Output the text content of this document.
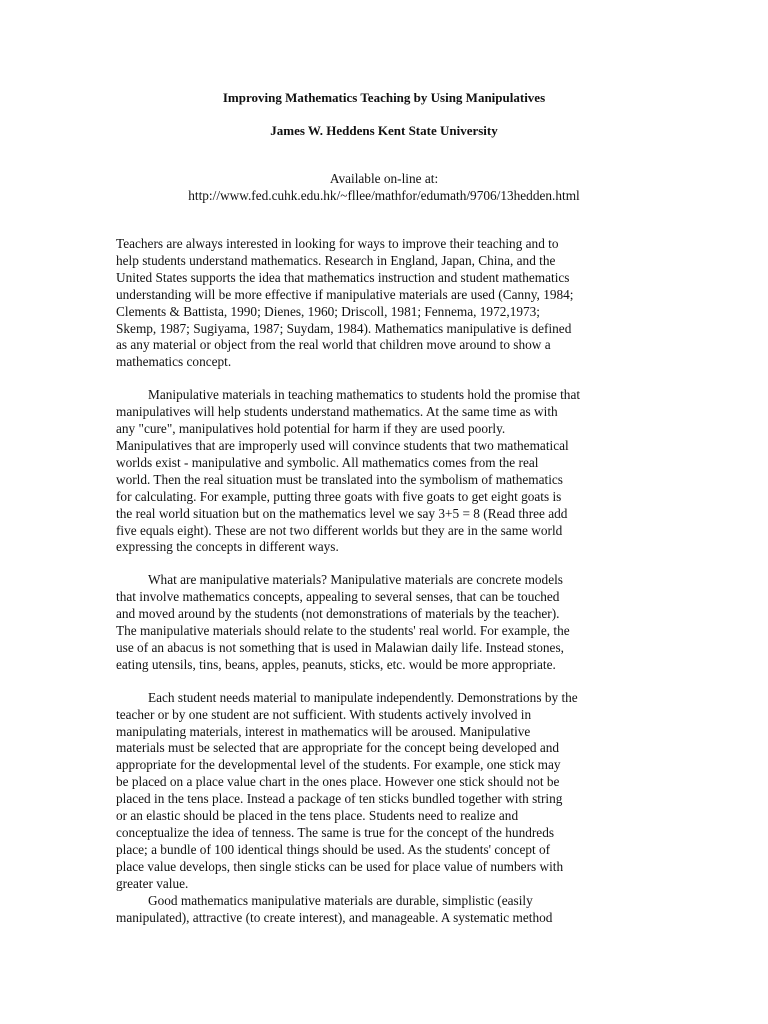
Improving Mathematics Teaching by Using Manipulatives

James W. Heddens Kent State University

Available on-line at:

http://www.fed.cuhk.edu.hk/~fllee/mathfor/edumath/9706/13hedden.html

Teachers are always interested in looking for ways to improve their teaching and to
help students understand mathematics. Research in England, Japan, China, and the
United States supports the idea that mathematics instruction and student mathematics
understanding will be more effective if manipulative materials are used (Canny, 1984;
Clements & Battista, 1990; Dienes, 1960; Driscoll, 1981; Fennema, 1972,1973;
Skemp, 1987; Sugiyama, 1987; Suydam, 1984). Mathematics manipulative is defined
as any material or object from the real world that children move around to show a
mathematics concept.

Manipulative materials in teaching mathematics to students hold the promise that
manipulatives will help students understand mathematics. At the same time as with
any "cure", manipulatives hold potential for harm if they are used poorly.
Manipulatives that are improperly used will convince students that two mathematical
worlds exist - manipulative and symbolic. All mathematics comes from the real
world. Then the real situation must be translated into the symbolism of mathematics
for calculating. For example, putting three goats with five goats to get eight goats is
the real world situation but on the mathematics level we say 3+5 = 8 (Read three add
five equals eight). These are not two different worlds but they are in the same world
expressing the concepts in different ways.

What are manipulative materials? Manipulative materials are concrete models
that involve mathematics concepts, appealing to several senses, that can be touched
and moved around by the students (not demonstrations of materials by the teacher).
The manipulative materials should relate to the students' real world. For example, the
use of an abacus is not something that is used in Malawian daily life. Instead stones,
eating utensils, tins, beans, apples, peanuts, sticks, etc. would be more appropriate.

Each student needs material to manipulate independently. Demonstrations by the
teacher or by one student are not sufficient. With students actively involved in
manipulating materials, interest in mathematics will be aroused. Manipulative
materials must be selected that are appropriate for the concept being developed and
appropriate for the developmental level of the students. For example, one stick may
be placed on a place value chart in the ones place. However one stick should not be
placed in the tens place. Instead a package of ten sticks bundled together with string
or an elastic should be placed in the tens place. Students need to realize and
conceptualize the idea of tenness. The same is true for the concept of the hundreds
place; a bundle of 100 identical things should be used. As the students' concept of
place value develops, then single sticks can be used for place value of numbers with
greater value.

Good mathematics manipulative materials are durable, simplistic (easily
manipulated), attractive (to create interest), and manageable. A systematic method
